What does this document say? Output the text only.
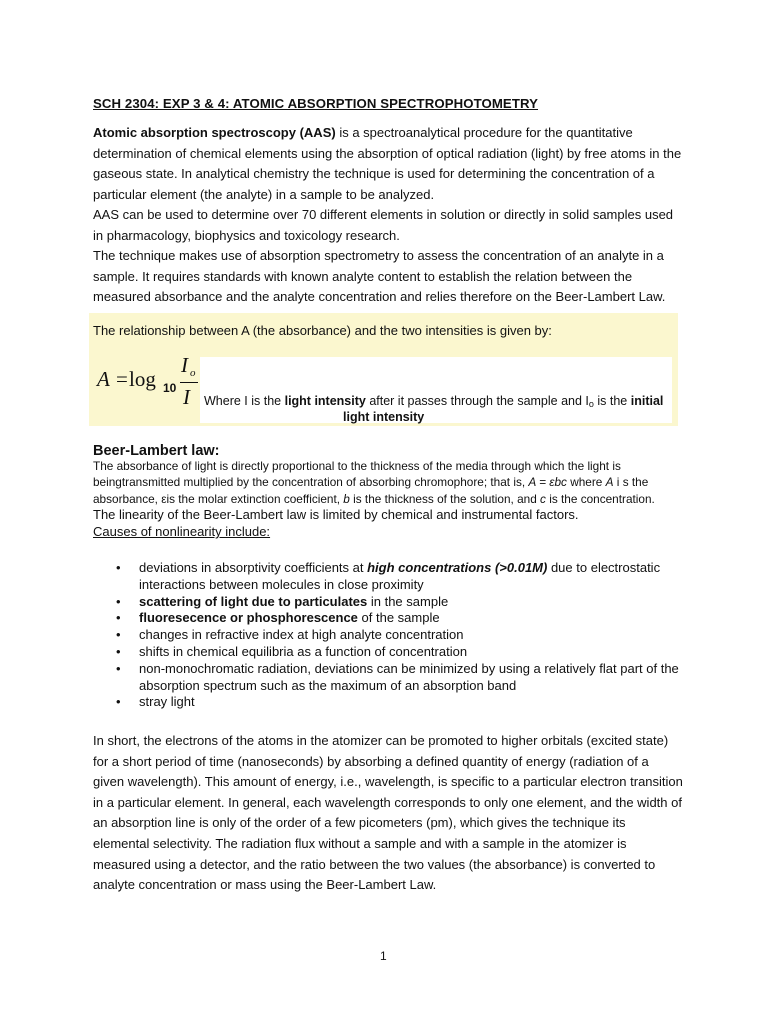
SCH 2304: EXP 3 & 4: ATOMIC ABSORPTION SPECTROPHOTOMETRY

Atomic absorption spectroscopy (AAS) is a spectroanalytical procedure for the quantitative determination of chemical elements using the absorption of optical radiation (light) by free atoms in the gaseous state. In analytical chemistry the technique is used for determining the concentration of a particular element (the analyte) in a sample to be analyzed.

AAS can be used to determine over 70 different elements in solution or directly in solid samples used in pharmacology, biophysics and toxicology research.

The technique makes use of absorption spectrometry to assess the concentration of an analyte in a sample. It requires standards with known analyte content to establish the relation between the measured absorbance and the analyte concentration and relies therefore on the Beer-Lambert Law.

The relationship between A (the absorbance) and the two intensities is given by:
A = log 10
I o
I Where I is the light intensity after it passes through the sample and Io is the initial
light intensity
Beer-Lambert law:
The absorbance of light is directly proportional to the thickness of the media through which the light is beingtransmitted multiplied by the concentration of absorbing chromophore; that is, A = εbc where A i s the absorbance, εis the molar extinction coefficient, b is the thickness of the solution, and c is the concentration. The linearity of the Beer-Lambert law is limited by chemical and instrumental factors.
Causes of nonlinearity include:
• deviations in absorptivity coefficients at high concentrations (>0.01M) due to electrostatic interactions between molecules in close proximity
• scattering of light due to particulates in the sample
• fluoresecence or phosphorescence of the sample
• changes in refractive index at high analyte concentration
• shifts in chemical equilibria as a function of concentration
• non-monochromatic radiation, deviations can be minimized by using a relatively flat part of the absorption spectrum such as the maximum of an absorption band
• stray light
In short, the electrons of the atoms in the atomizer can be promoted to higher orbitals (excited state) for a short period of time (nanoseconds) by absorbing a defined quantity of energy (radiation of a given wavelength). This amount of energy, i.e., wavelength, is specific to a particular electron transition in a particular element. In general, each wavelength corresponds to only one element, and the width of an absorption line is only of the order of a few picometers (pm), which gives the technique its elemental selectivity. The radiation flux without a sample and with a sample in the atomizer is measured using a detector, and the ratio between the two values (the absorbance) is converted to analyte concentration or mass using the Beer-Lambert Law.
1
